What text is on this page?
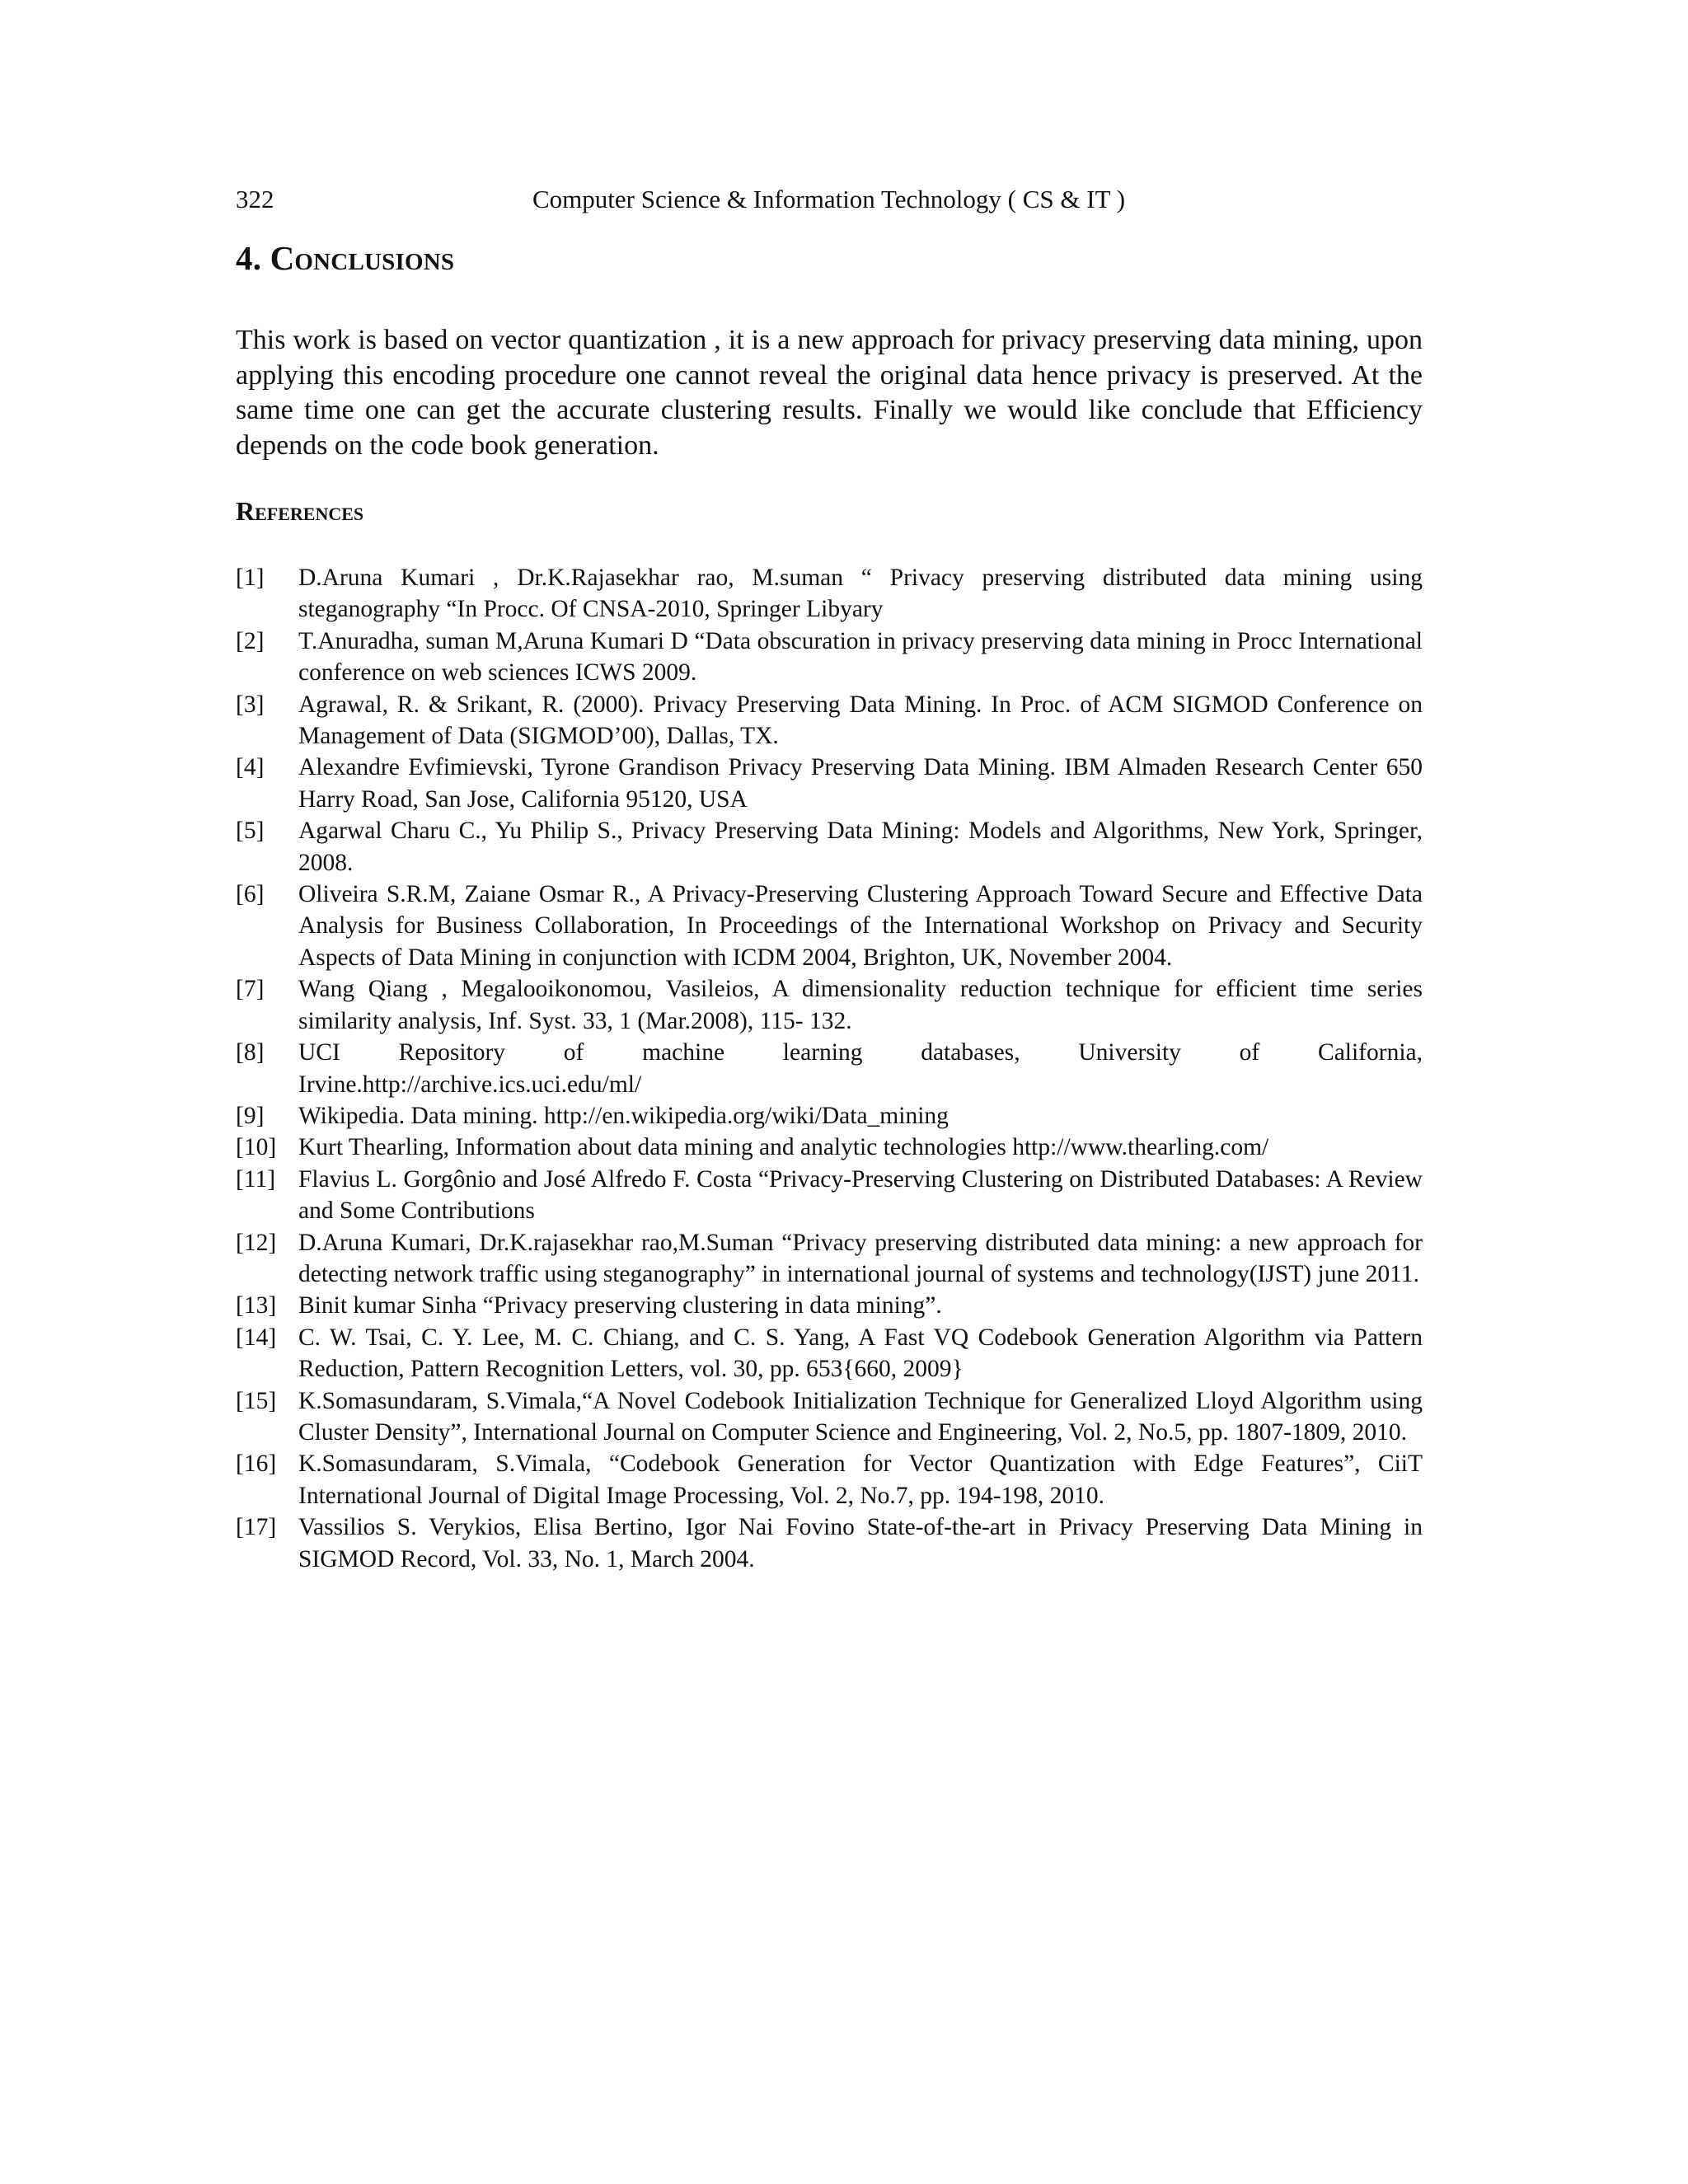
322	Computer Science & Information Technology ( CS & IT )
4. Conclusions

This work is based on vector quantization , it is a new approach for privacy preserving data mining, upon applying this encoding procedure one cannot reveal the original data hence privacy is preserved. At the same time one can get the accurate clustering results. Finally we would like conclude that Efficiency depends on the code book generation.

References
[1]	D.Aruna Kumari , Dr.K.Rajasekhar rao, M.suman “ Privacy preserving distributed data mining using steganography “In Procc. Of CNSA-2010, Springer Libyary
[2]	T.Anuradha, suman M,Aruna Kumari D “Data obscuration in privacy preserving data mining in Procc International conference on web sciences ICWS 2009.
[3]	Agrawal, R. & Srikant, R. (2000). Privacy Preserving Data Mining. In Proc. of ACM SIGMOD Conference on Management of Data (SIGMOD’00), Dallas, TX.
[4]	Alexandre Evfimievski, Tyrone Grandison Privacy Preserving Data Mining. IBM Almaden Research Center 650 Harry Road, San Jose, California 95120, USA
[5]	Agarwal Charu C., Yu Philip S., Privacy Preserving Data Mining: Models and Algorithms, New York, Springer, 2008.
[6]	Oliveira S.R.M, Zaiane Osmar R., A Privacy-Preserving Clustering Approach Toward Secure and Effective Data Analysis for Business Collaboration, In Proceedings of the International Workshop on Privacy and Security Aspects of Data Mining in conjunction with ICDM 2004, Brighton, UK, November 2004.
[7]	Wang Qiang , Megalooikonomou, Vasileios, A dimensionality reduction technique for efficient time series similarity analysis, Inf. Syst. 33, 1 (Mar.2008), 115- 132.
[8]	UCI Repository of machine learning databases, University of California,
Irvine.http://archive.ics.uci.edu/ml/
[9]	Wikipedia. Data mining. http://en.wikipedia.org/wiki/Data_mining
[10] Kurt Thearling, Information about data mining and analytic technologies http://www.thearling.com/
[11] Flavius L. Gorgônio and José Alfredo F. Costa “Privacy-Preserving Clustering on Distributed Databases: A Review and Some Contributions
[12] D.Aruna Kumari, Dr.K.rajasekhar rao,M.Suman “Privacy preserving distributed data mining: a new approach for detecting network traffic using steganography” in international journal of systems and technology(IJST) june 2011.
[13] Binit kumar Sinha “Privacy preserving clustering in data mining”.
[14] C. W. Tsai, C. Y. Lee, M. C. Chiang, and C. S. Yang, A Fast VQ Codebook Generation Algorithm via Pattern Reduction, Pattern Recognition Letters, vol. 30, pp. 653{660, 2009}
[15] K.Somasundaram, S.Vimala,“A Novel Codebook Initialization Technique for Generalized Lloyd Algorithm using Cluster Density”, International Journal on Computer Science and Engineering, Vol. 2, No.5, pp. 1807-1809, 2010.
[16] K.Somasundaram, S.Vimala, “Codebook Generation for Vector Quantization with Edge Features”, CiiT International Journal of Digital Image Processing, Vol. 2, No.7, pp. 194-198, 2010.
[17] Vassilios S. Verykios, Elisa Bertino, Igor Nai Fovino State-of-the-art in Privacy Preserving Data Mining in SIGMOD Record, Vol. 33, No. 1, March 2004.
